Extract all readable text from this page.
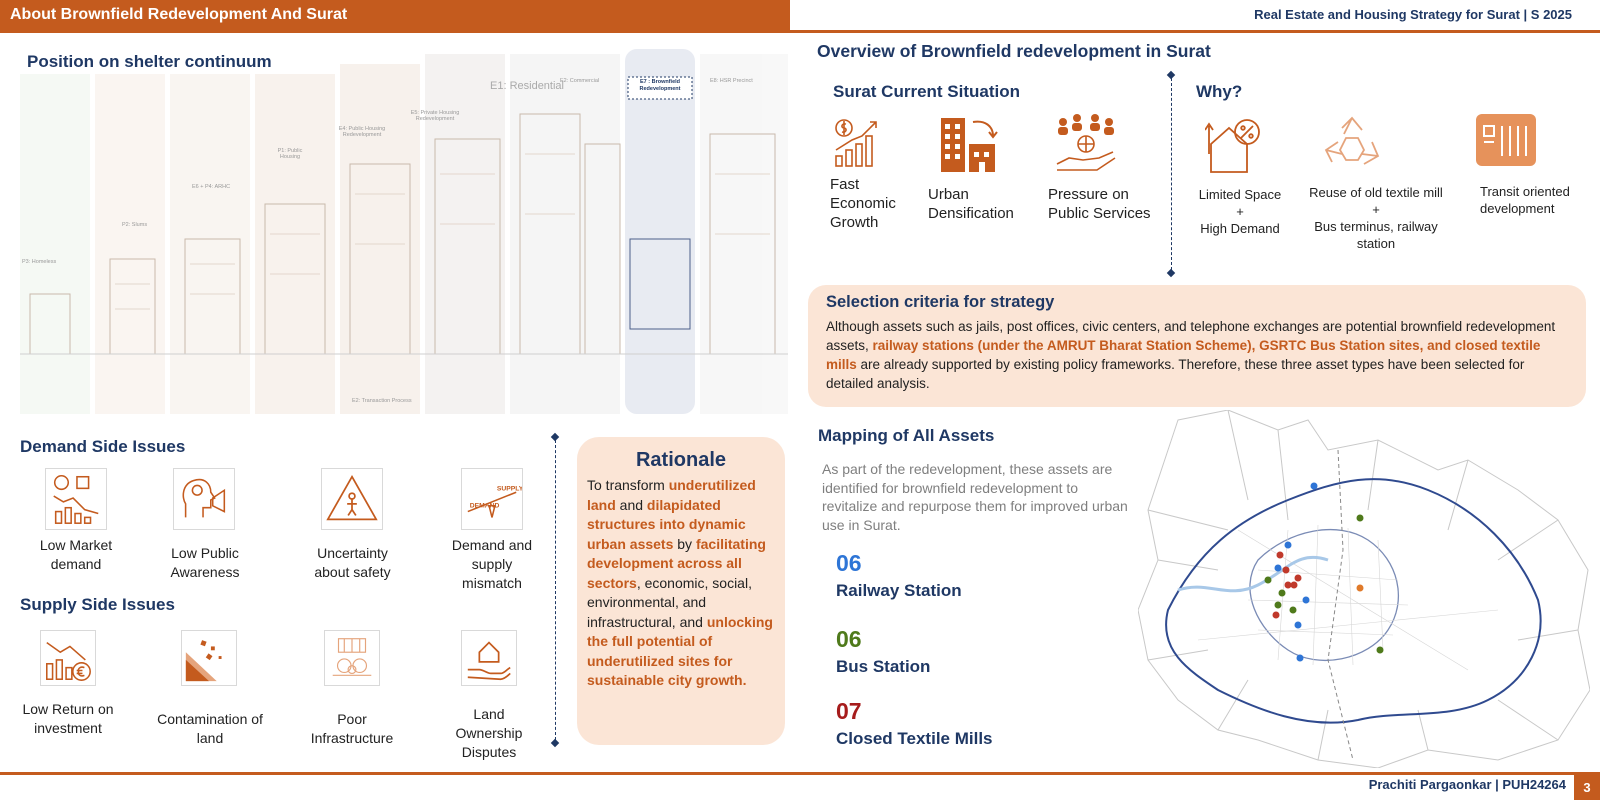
About Brownfield Redevelopment And Surat	Real Estate and Housing Strategy for Surat | S 2025
Position on shelter continuum
P3: Homeless
P2: Slums
E6 + P4: ARHC
P1: Public Housing
E4: Public Housing Redevelopment
E5: Private Housing Redevelopment
E1: Residential
E2: Commercial	E7 : Brownfield Redevelopment
E8: HSR Precinct
E2: Transaction Process
Demand Side Issues
DEMAND
SUPPLY
Low Market demand
Low Public Awareness
Uncertainty about safety
Demand and supply mismatch
Supply Side Issues
Low Return on investment
Contamination of land
Poor Infrastructure
Land Ownership Disputes
Rationale

To transform underutilized land and dilapidated structures into dynamic urban assets by facilitating development across all sectors, economic, social, environmental, and infrastructural, and unlocking the full potential of underutilized sites for sustainable city growth.

Overview of Brownfield redevelopment in Surat
Surat Current Situation
Fast Economic Growth
Urban Densification
Pressure on Public Services
Why?
Limited Space
+
High Demand
Reuse of old textile mill
+
Bus terminus, railway station
Transit oriented development
Selection criteria for strategy

Although assets such as jails, post offices, civic centers, and telephone exchanges are potential brownfield redevelopment assets, railway stations (under the AMRUT Bharat Station Scheme), GSRTC Bus Station sites, and closed textile mills are already supported by existing policy frameworks. Therefore, these three asset types have been selected for detailed analysis.

Mapping of All Assets
As part of the redevelopment, these assets are identified for brownfield redevelopment to revitalize and repurpose them for improved urban use in Surat.
06
Railway Station
06
Bus Station
07
Closed Textile Mills
Prachiti Pargaonkar | PUH24264	3
